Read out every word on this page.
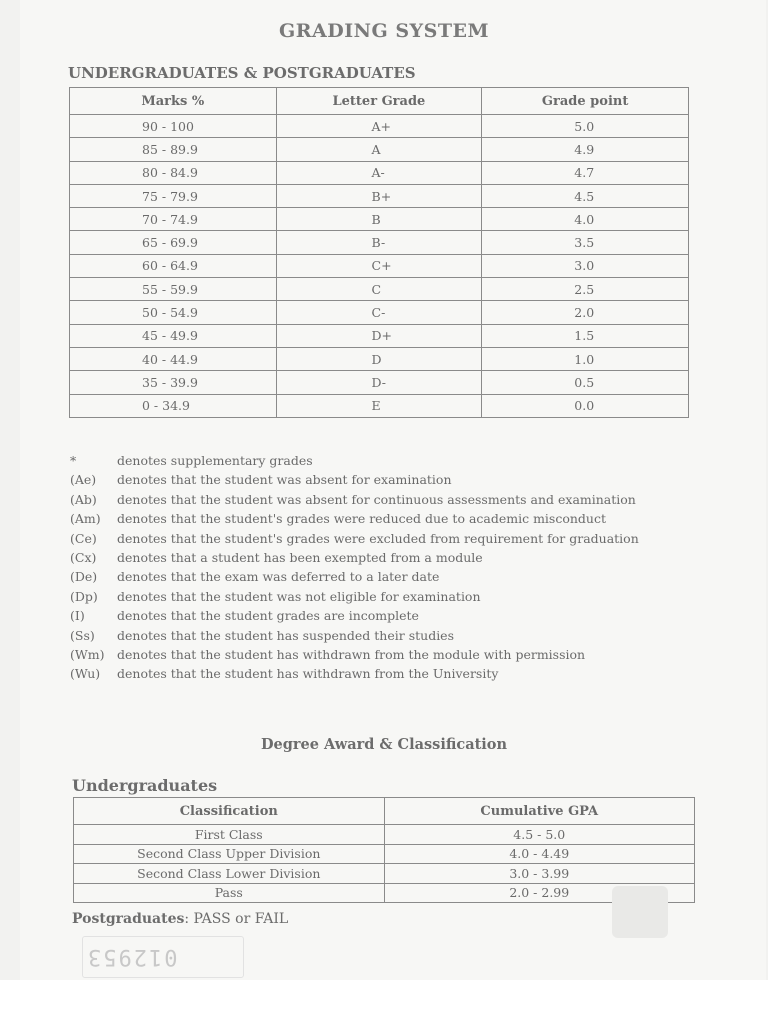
GRADING SYSTEM
UNDERGRADUATES & POSTGRADUATES
Marks %	Letter Grade	Grade point
90 - 100	A+	5.0
85 - 89.9	A	4.9
80 - 84.9	A-	4.7
75 - 79.9	B+	4.5
70 - 74.9	B	4.0
65 - 69.9	B-	3.5
60 - 64.9	C+	3.0
55 - 59.9	C	2.5
50 - 54.9	C-	2.0
45 - 49.9	D+	1.5
40 - 44.9	D	1.0
35 - 39.9	D-	0.5
0 - 34.9	E	0.0
*	denotes supplementary grades
(Ae)	denotes that the student was absent for examination
(Ab)	denotes that the student was absent for continuous assessments and examination
(Am)	denotes that the student's grades were reduced due to academic misconduct
(Ce)	denotes that the student's grades were excluded from requirement for graduation
(Cx)	denotes that a student has been exempted from a module
(De)	denotes that the exam was deferred to a later date
(Dp)	denotes that the student was not eligible for examination
(I)	denotes that the student grades are incomplete
(Ss)	denotes that the student has suspended their studies
(Wm)	denotes that the student has withdrawn from the module with permission
(Wu)	denotes that the student has withdrawn from the University
Degree Award & Classification
Undergraduates
Classification	Cumulative GPA
First Class	4.5 - 5.0
Second Class Upper Division	4.0 - 4.49
Second Class Lower Division	3.0 - 3.99
Pass	2.0 - 2.99
Postgraduates: PASS or FAIL
012953
